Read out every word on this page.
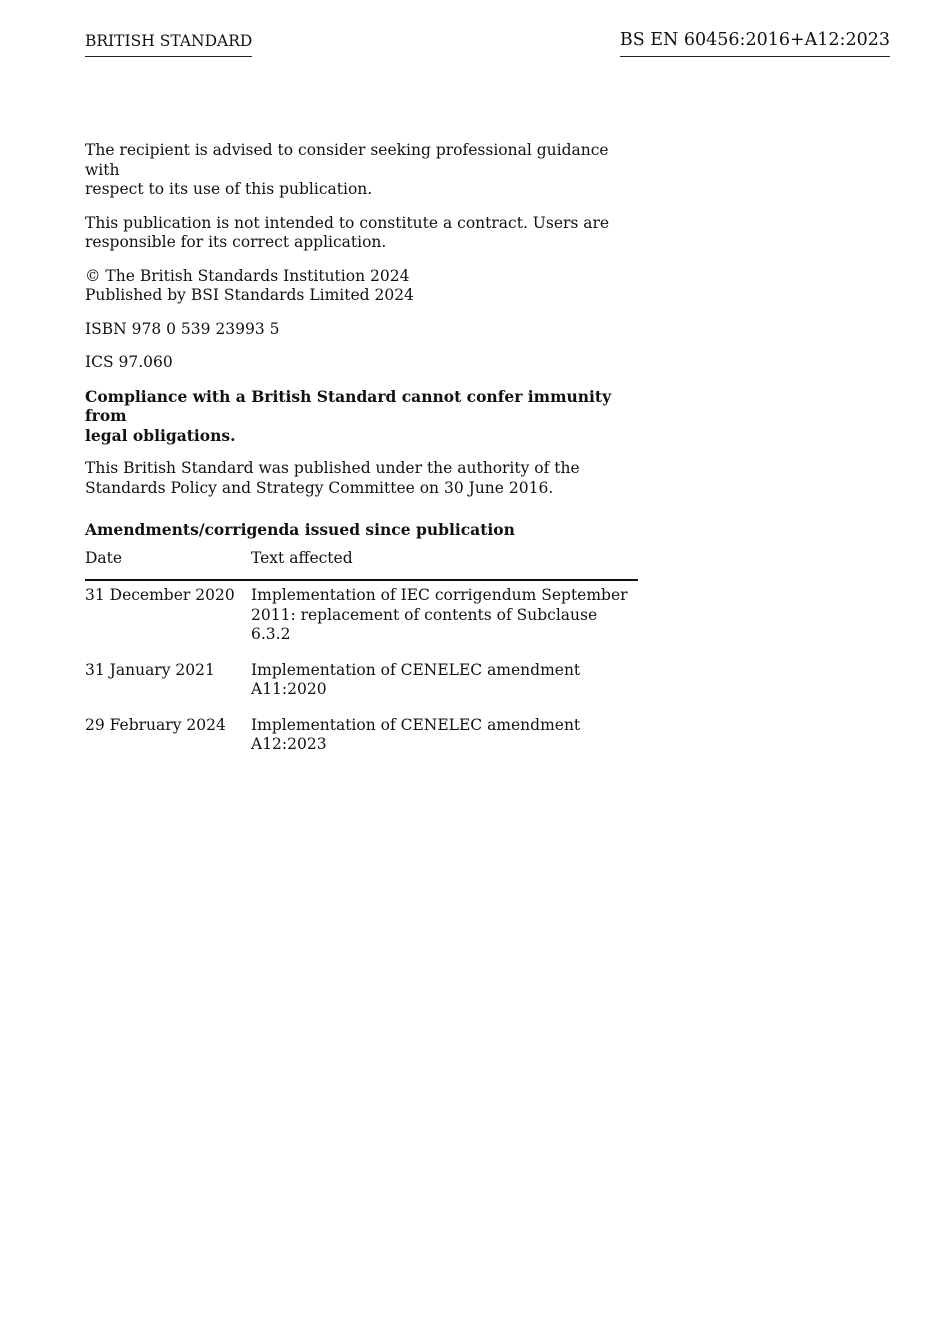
BRITISH STANDARD	BS EN 60456:2016+A12:2023

The recipient is advised to consider seeking professional guidance with
respect to its use of this publication.

This publication is not intended to constitute a contract. Users are
responsible for its correct application.

© The British Standards Institution 2024
Published by BSI Standards Limited 2024

ISBN 978 0 539 23993 5

ICS 97.060

Compliance with a British Standard cannot confer immunity from
legal obligations.

This British Standard was published under the authority of the
Standards Policy and Strategy Committee on 30 June 2016.

Amendments/corrigenda issued since publication
Date	Text affected
31 December 2020	Implementation of IEC corrigendum September
2011: replacement of contents of Subclause 6.3.2

31 January 2021	Implementation of CENELEC amendment A11:2020

29 February 2024	Implementation of CENELEC amendment A12:2023
